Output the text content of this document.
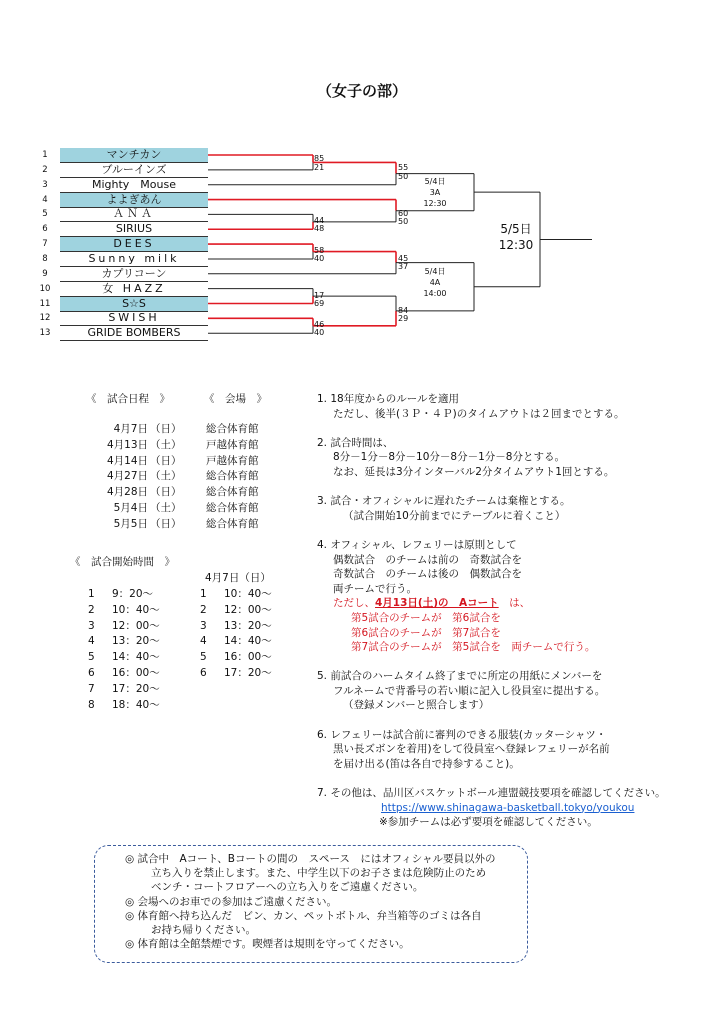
（女子の部）
1	マンチカン
2	ブルーインズ
3	Mighty　Mouse
4	よよぎあん
5	ＡＮＡ
6	SIRIUS
7	DEES
8	Sunny milk
9	カプリコーン
10	女 HAZZ
11	S☆S
12	SWISH
13	GRIDE BOMBERS
85
21	55
50
60
50
44
48
58
40	45
37
17
69
84
29
46
40
5/4日
3A
12:30
5/4日
4A
14:00
5/5日
12:30
《　試合日程　》	《　会場　》
4月7日 （日）	総合体育館
4月13日 （土）	戸越体育館
4月14日 （日）	戸越体育館
4月27日 （土）	総合体育館
4月28日 （日）	総合体育館
5月4日 （土）	総合体育館
5月5日 （日）	総合体育館
《　試合開始時間　》
4月7日（日）
1	9：20～
2	10：40～
3	12：00～
4	13：20～
5	14：40～
6	16：00～
7	17：20～
8	18：40～
1	10：40～
2	12：00～
3	13：20～
4	14：40～
5	16：00～
6	17：20～
1. 18年度からのルールを適用
ただし、後半(３Ｐ・４Ｐ)のタイムアウトは２回までとする。
2. 試合時間は、
8分－1分－8分－10分－8分－1分－8分とする。
なお、延長は3分インターバル2分タイムアウト1回とする。
3. 試合・オフィシャルに遅れたチームは棄権とする。
（試合開始10分前までにテーブルに着くこと）
4. オフィシャル、レフェリーは原則として
偶数試合　のチームは前の　奇数試合を
奇数試合　のチームは後の　偶数試合を
両チームで行う。
ただし、4月13日(土)の　Aコート　は、
第5試合のチームが　第6試合を
第6試合のチームが　第7試合を
第7試合のチームが　第5試合を　両チームで行う。
5. 前試合のハームタイム終了までに所定の用紙にメンバーを
フルネームで背番号の若い順に記入し役員室に提出する。
（登録メンバーと照合します）
6. レフェリーは試合前に審判のできる服装(カッターシャツ・
黒い長ズボンを着用)をして役員室へ登録レフェリーが名前
を届け出る(笛は各自で持参すること)。
7. その他は、品川区バスケットボール連盟競技要項を確認してください。
https://www.shinagawa-basketball.tokyo/youkou
※参加チームは必ず要項を確認してください。
◎ 試合中　Aコート、Bコートの間の　スペース　にはオフィシャル要員以外の
立ち入りを禁止します。また、中学生以下のお子さまは危険防止のため
ベンチ・コートフロアーへの立ち入りをご遠慮ください。
◎ 会場へのお車での参加はご遠慮ください。
◎ 体育館へ持ち込んだ　ビン、カン、ペットボトル、弁当箱等のゴミは各自
お持ち帰りください。
◎ 体育館は全館禁煙です。喫煙者は規則を守ってください。
